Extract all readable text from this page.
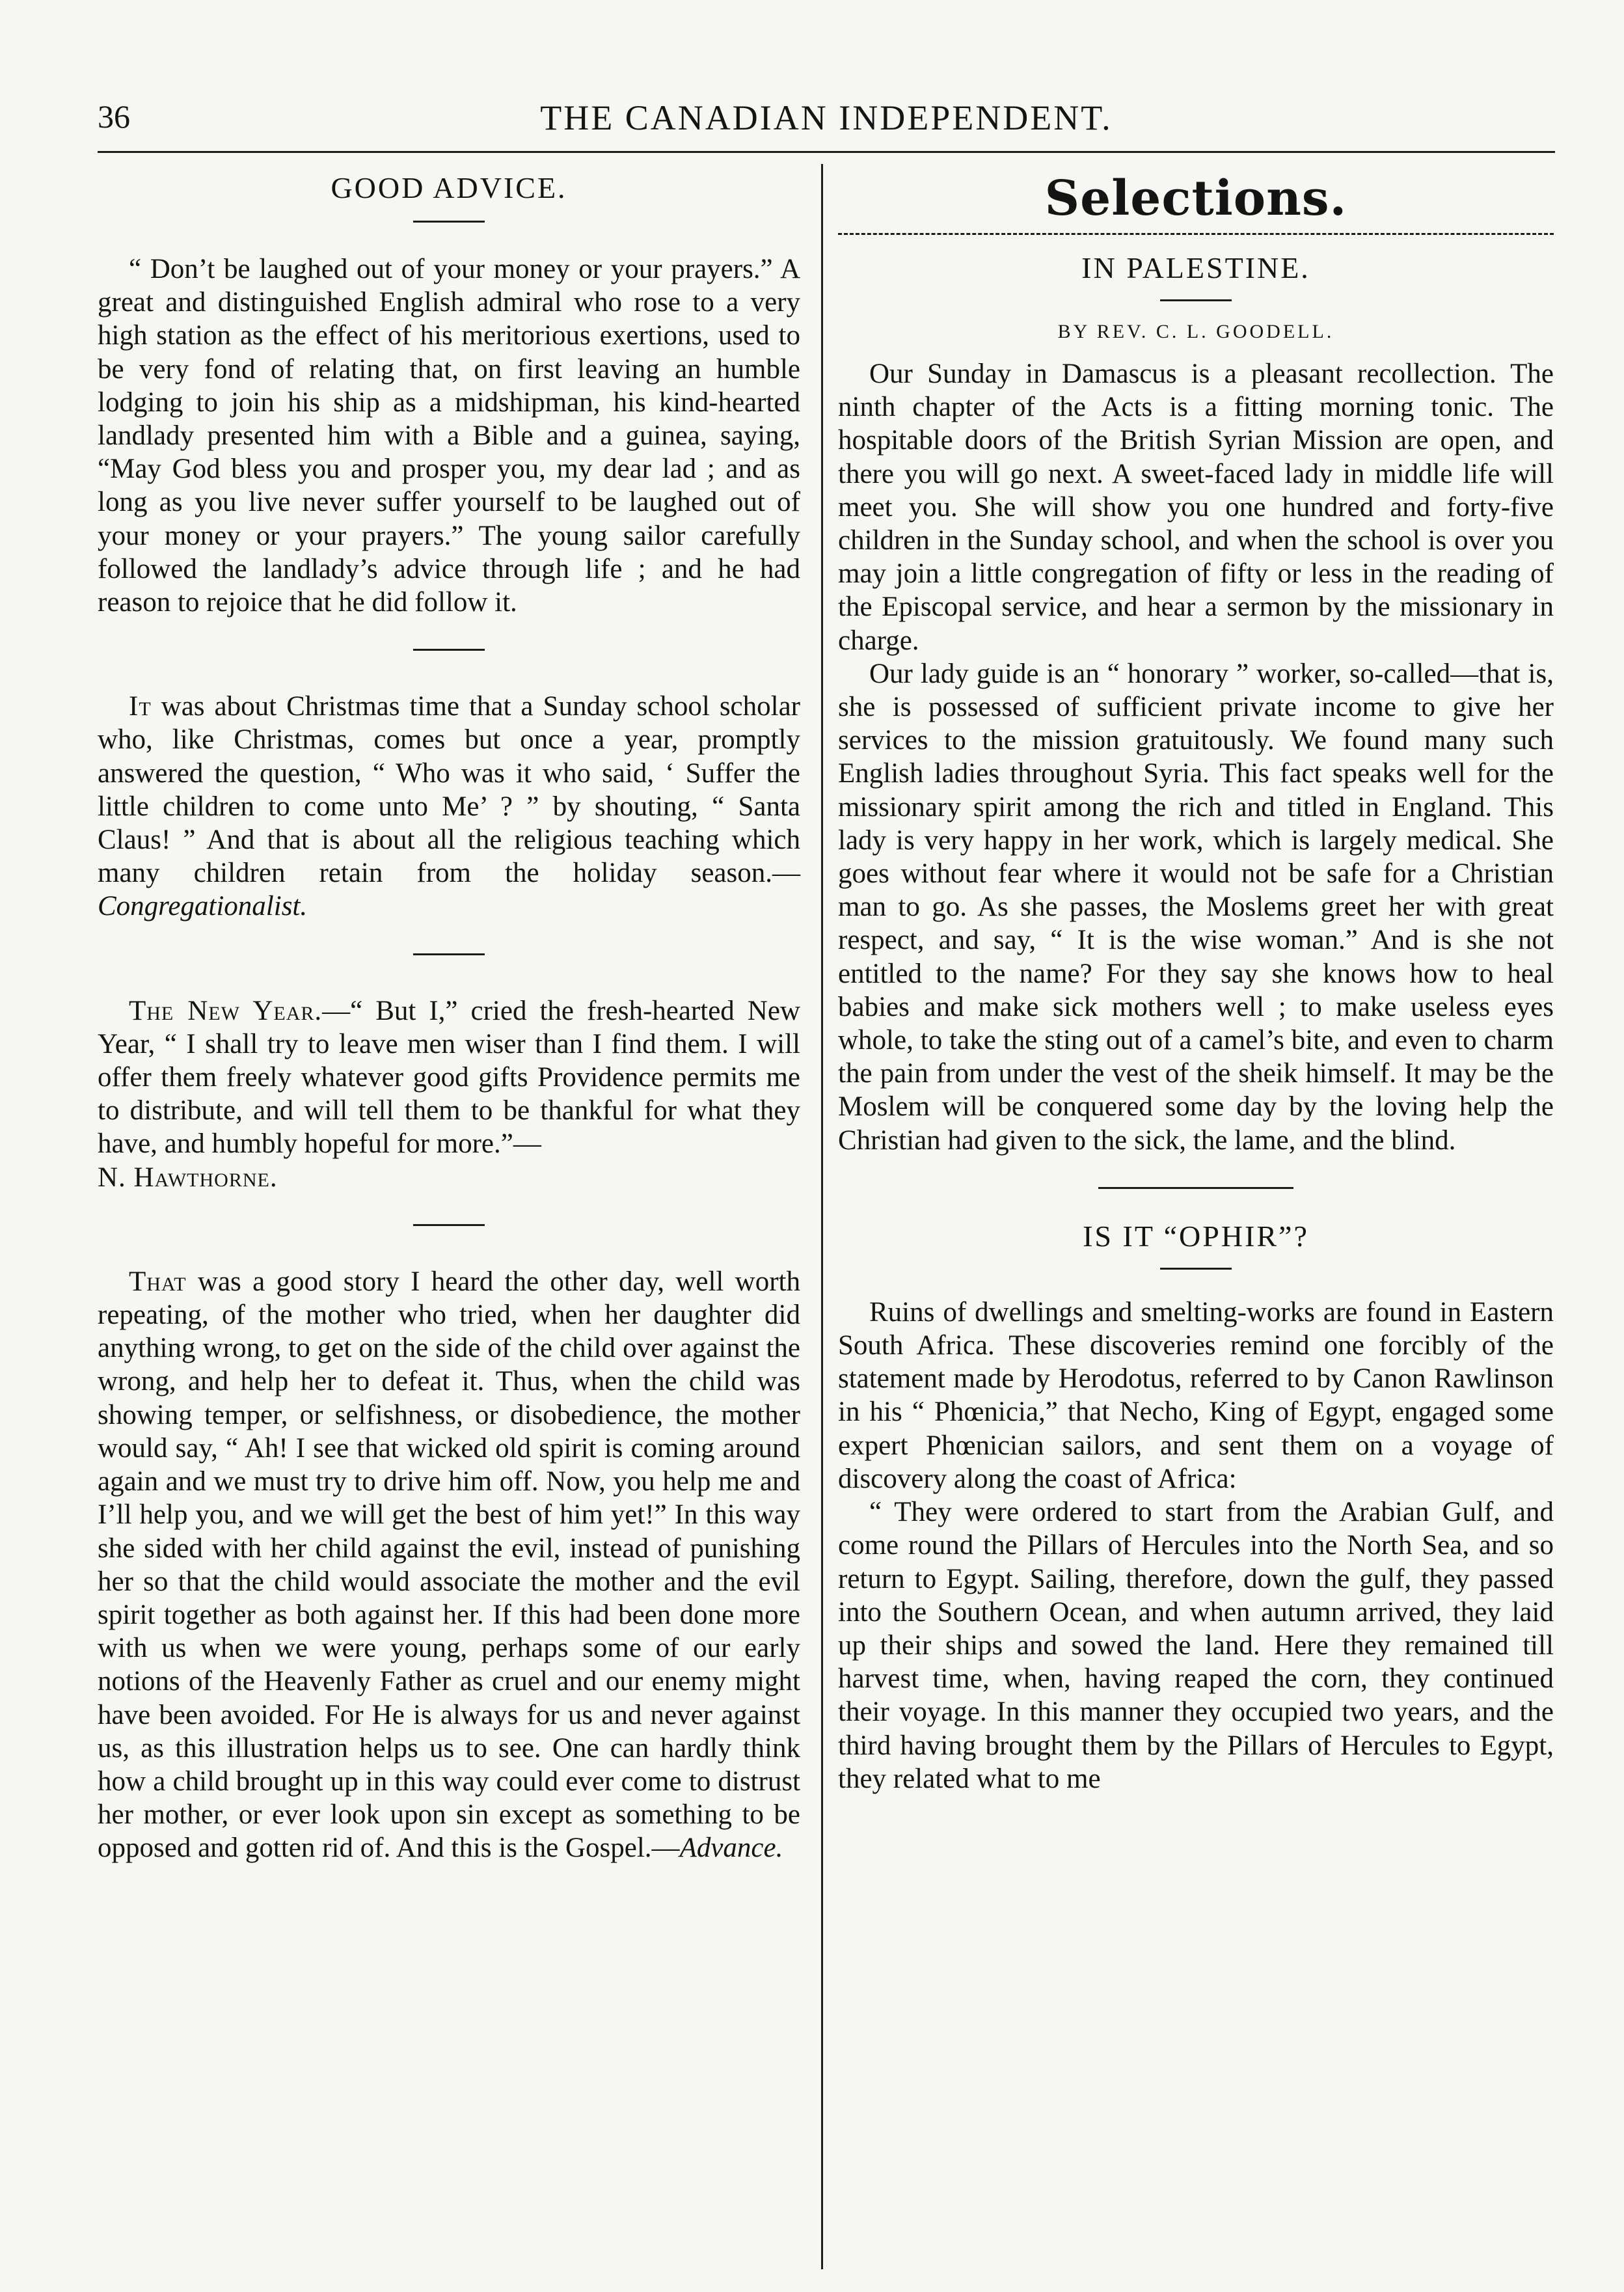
36	THE CANADIAN INDEPENDENT.
GOOD ADVICE.

“ Don’t be laughed out of your money or your prayers.” A great and distinguished English admiral who rose to a very high station as the effect of his meritorious exertions, used to be very fond of relating that, on first leaving an humble lodging to join his ship as a midshipman, his kind-hearted landlady presented him with a Bible and a guinea, saying, “May God bless you and prosper you, my dear lad ; and as long as you live never suffer yourself to be laughed out of your money or your prayers.” The young sailor carefully followed the landlady’s advice through life ; and he had reason to rejoice that he did follow it.

It was about Christmas time that a Sunday school scholar who, like Christmas, comes but once a year, promptly answered the question, “ Who was it who said, ‘ Suffer the little children to come unto Me’ ? ” by shouting, “ Santa Claus! ” And that is about all the religious teaching which many children retain from the holiday season.—Congregationalist.

The New Year.—“ But I,” cried the fresh-hearted New Year, “ I shall try to leave men wiser than I find them. I will offer them freely whatever good gifts Providence permits me to distribute, and will tell them to be thankful for what they have, and humbly hopeful for more.”—
N. Hawthorne.

That was a good story I heard the other day, well worth repeating, of the mother who tried, when her daughter did anything wrong, to get on the side of the child over against the wrong, and help her to defeat it. Thus, when the child was showing temper, or selfishness, or disobedience, the mother would say, “ Ah! I see that wicked old spirit is coming around again and we must try to drive him off. Now, you help me and I’ll help you, and we will get the best of him yet!” In this way she sided with her child against the evil, instead of punishing her so that the child would associate the mother and the evil spirit together as both against her. If this had been done more with us when we were young, perhaps some of our early notions of the Heavenly Father as cruel and our enemy might have been avoided. For He is always for us and never against us, as this illustration helps us to see. One can hardly think how a child brought up in this way could ever come to distrust her mother, or ever look upon sin except as something to be opposed and gotten rid of. And this is the Gospel.—Advance.

Selections.
IN PALESTINE.
BY REV. C. L. GOODELL.

Our Sunday in Damascus is a pleasant recollection. The ninth chapter of the Acts is a fitting morning tonic. The hospitable doors of the British Syrian Mission are open, and there you will go next. A sweet-faced lady in middle life will meet you. She will show you one hundred and forty-five children in the Sunday school, and when the school is over you may join a little congregation of fifty or less in the reading of the Episcopal service, and hear a sermon by the missionary in charge.

Our lady guide is an “ honorary ” worker, so-called—that is, she is possessed of sufficient private income to give her services to the mission gratuitously. We found many such English ladies throughout Syria. This fact speaks well for the missionary spirit among the rich and titled in England. This lady is very happy in her work, which is largely medical. She goes without fear where it would not be safe for a Christian man to go. As she passes, the Moslems greet her with great respect, and say, “ It is the wise woman.” And is she not entitled to the name? For they say she knows how to heal babies and make sick mothers well ; to make useless eyes whole, to take the sting out of a camel’s bite, and even to charm the pain from under the vest of the sheik himself. It may be the Moslem will be conquered some day by the loving help the Christian had given to the sick, the lame, and the blind.

IS IT “OPHIR”?

Ruins of dwellings and smelting-works are found in Eastern South Africa. These discoveries remind one forcibly of the statement made by Herodotus, referred to by Canon Rawlinson in his “ Phœnicia,” that Necho, King of Egypt, engaged some expert Phœnician sailors, and sent them on a voyage of discovery along the coast of Africa:

“ They were ordered to start from the Arabian Gulf, and come round the Pillars of Hercules into the North Sea, and so return to Egypt. Sailing, therefore, down the gulf, they passed into the Southern Ocean, and when autumn arrived, they laid up their ships and sowed the land. Here they remained till harvest time, when, having reaped the corn, they continued their voyage. In this manner they occupied two years, and the third having brought them by the Pillars of Hercules to Egypt, they related what to me
